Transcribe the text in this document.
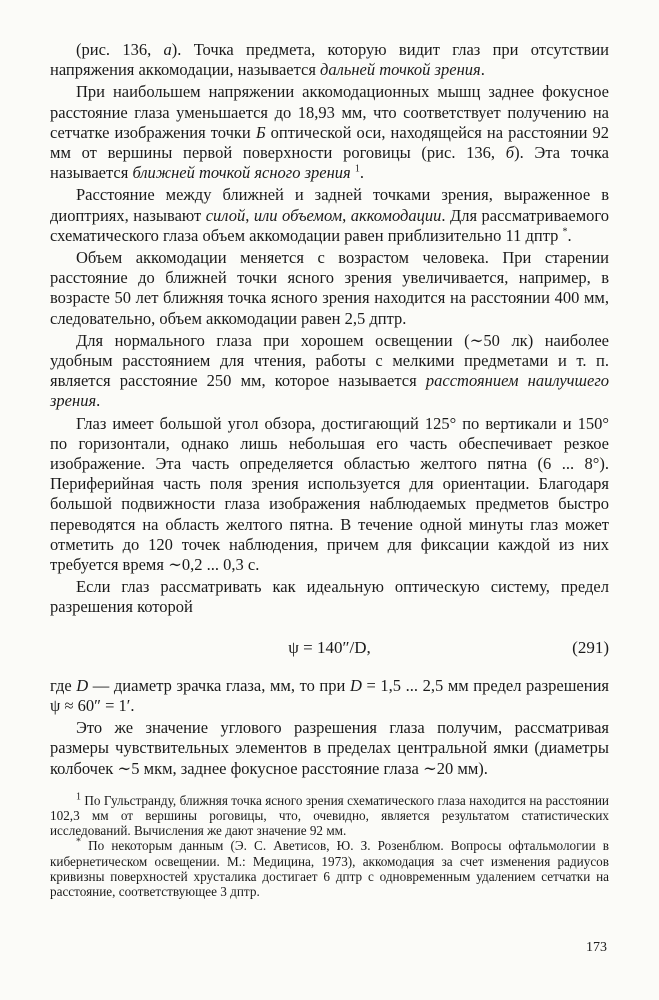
(рис. 136, а). Точка предмета, которую видит глаз при отсутствии напряжения аккомодации, называется дальней точкой зрения.

При наибольшем напряжении аккомодационных мышц заднее фокусное расстояние глаза уменьшается до 18,93 мм, что соответствует получению на сетчатке изображения точки Б оптической оси, находящейся на расстоянии 92 мм от вершины первой поверхности роговицы (рис. 136, б). Эта точка называется ближней точкой ясного зрения $^1$.

Расстояние между ближней и задней точками зрения, выраженное в диоптриях, называют силой, или объемом, аккомодации. Для рассматриваемого схематического глаза объем аккомодации равен приблизительно 11 дптр *.

Объем аккомодации меняется с возрастом человека. При старении расстояние до ближней точки ясного зрения увеличивается, например, в возрасте 50 лет ближняя точка ясного зрения находится на расстоянии 400 мм, следовательно, объем аккомодации равен 2,5 дптр.

Для нормального глаза при хорошем освещении (∼50 лк) наиболее удобным расстоянием для чтения, работы с мелкими предметами и т. п. является расстояние 250 мм, которое называется расстоянием наилучшего зрения.

Глаз имеет большой угол обзора, достигающий 125° по вертикали и 150° по горизонтали, однако лишь небольшая его часть обеспечивает резкое изображение. Эта часть определяется областью желтого пятна (6 ... 8°). Периферийная часть поля зрения используется для ориентации. Благодаря большой подвижности глаза изображения наблюдаемых предметов быстро переводятся на область желтого пятна. В течение одной минуты глаз может отметить до 120 точек наблюдения, причем для фиксации каждой из них требуется время ∼0,2 ... 0,3 с.

Если глаз рассматривать как идеальную оптическую систему, предел разрешения которой

ψ = 140″/D,	(291)

где D — диаметр зрачка глаза, мм, то при D = 1,5 ... 2,5 мм предел разрешения ψ ≈ 60″ = 1′.

Это же значение углового разрешения глаза получим, рассматривая размеры чувствительных элементов в пределах центральной ямки (диаметры колбочек ∼5 мкм, заднее фокусное расстояние глаза ∼20 мм).

$^1$ По Гульстранду, ближняя точка ясного зрения схематического глаза находится на расстоянии 102,3 мм от вершины роговицы, что, очевидно, является результатом статистических исследований. Вычисления же дают значение 92 мм.

* По некоторым данным (Э. С. Аветисов, Ю. З. Розенблюм. Вопросы офтальмологии в кибернетическом освещении. М.: Медицина, 1973), аккомодация за счет изменения радиусов кривизны поверхностей хрусталика достигает 6 дптр с одновременным удалением сетчатки на расстояние, соответствующее 3 дптр.

173
